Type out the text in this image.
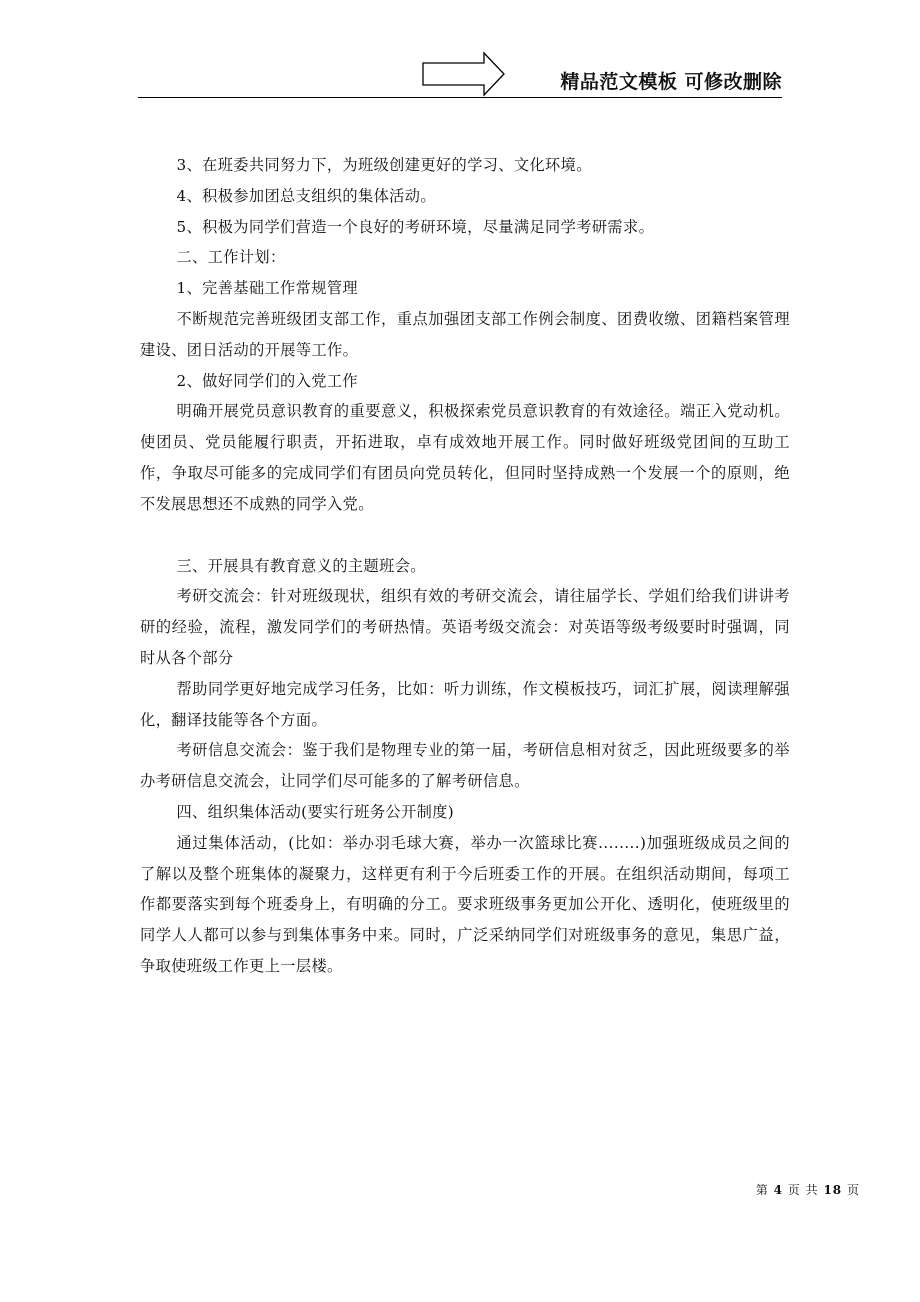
精品范文模板 可修改删除

3、在班委共同努力下，为班级创建更好的学习、文化环境。

4、积极参加团总支组织的集体活动。

5、积极为同学们营造一个良好的考研环境，尽量满足同学考研需求。

二、工作计划：

1、完善基础工作常规管理

不断规范完善班级团支部工作，重点加强团支部工作例会制度、团费收缴、团籍档案管理建设、团日活动的开展等工作。

2、做好同学们的入党工作

明确开展党员意识教育的重要意义，积极探索党员意识教育的有效途径。端正入党动机。使团员、党员能履行职责，开拓进取，卓有成效地开展工作。同时做好班级党团间的互助工作，争取尽可能多的完成同学们有团员向党员转化，但同时坚持成熟一个发展一个的原则，绝不发展思想还不成熟的同学入党。

三、开展具有教育意义的主题班会。

考研交流会：针对班级现状，组织有效的考研交流会，请往届学长、学姐们给我们讲讲考研的经验，流程，激发同学们的考研热情。英语考级交流会：对英语等级考级要时时强调，同时从各个部分

帮助同学更好地完成学习任务，比如：听力训练，作文模板技巧，词汇扩展，阅读理解强化，翻译技能等各个方面。

考研信息交流会：鉴于我们是物理专业的第一届，考研信息相对贫乏，因此班级要多的举办考研信息交流会，让同学们尽可能多的了解考研信息。

四、组织集体活动(要实行班务公开制度)

通过集体活动，(比如：举办羽毛球大赛，举办一次篮球比赛........)加强班级成员之间的了解以及整个班集体的凝聚力，这样更有利于今后班委工作的开展。在组织活动期间，每项工作都要落实到每个班委身上，有明确的分工。要求班级事务更加公开化、透明化，使班级里的同学人人都可以参与到集体事务中来。同时，广泛采纳同学们对班级事务的意见，集思广益，争取使班级工作更上一层楼。

第 4 页 共 18 页
